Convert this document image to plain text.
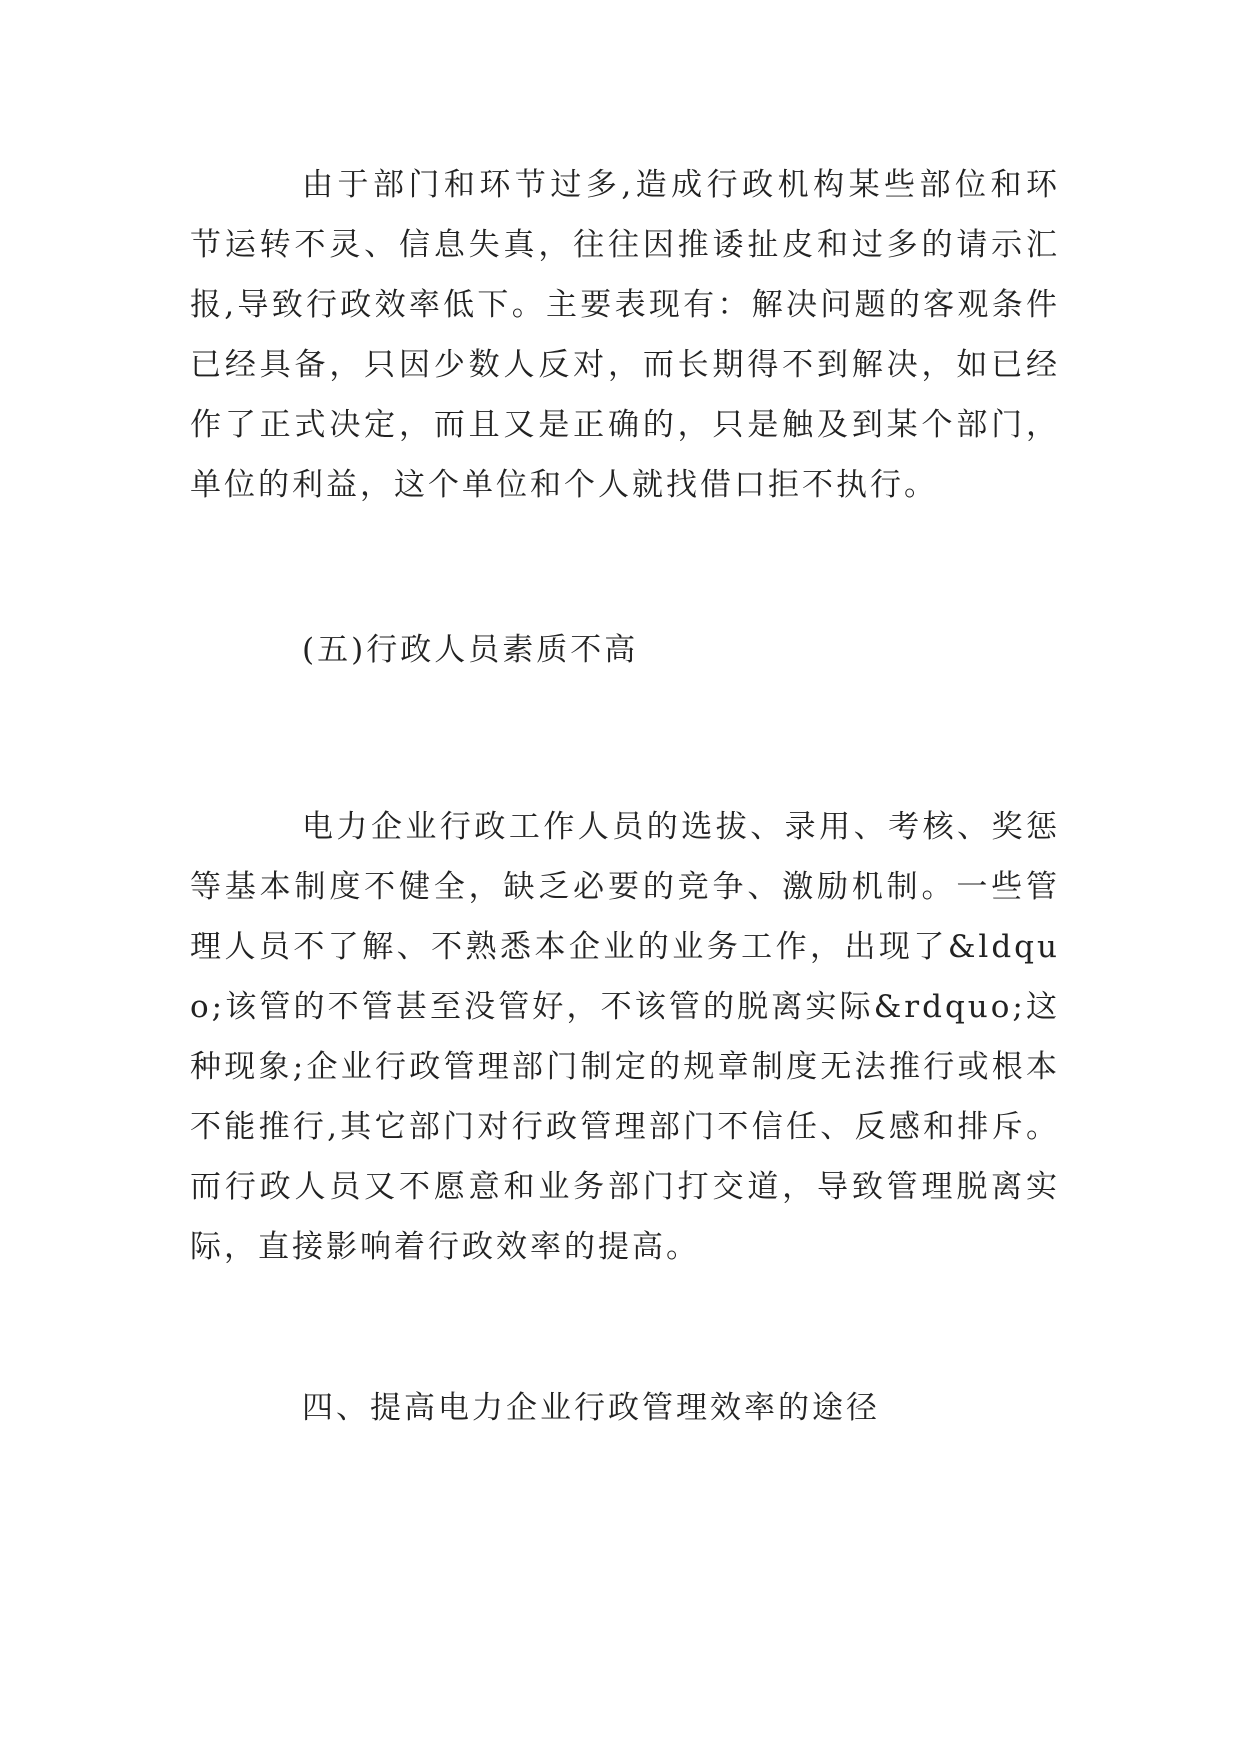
由于部门和环节过多,造成行政机构某些部位和环节运转不灵、信息失真，往往因推诿扯皮和过多的请示汇报,导致行政效率低下。主要表现有：解决问题的客观条件已经具备，只因少数人反对，而长期得不到解决，如已经作了正式决定，而且又是正确的，只是触及到某个部门，单位的利益，这个单位和个人就找借口拒不执行。

(五)行政人员素质不高

电力企业行政工作人员的选拔、录用、考核、奖惩等基本制度不健全，缺乏必要的竞争、激励机制。一些管理人员不了解、不熟悉本企业的业务工作，出现了&ldquo;该管的不管甚至没管好，不该管的脱离实际&rdquo;这种现象;企业行政管理部门制定的规章制度无法推行或根本不能推行,其它部门对行政管理部门不信任、反感和排斥。而行政人员又不愿意和业务部门打交道，导致管理脱离实际，直接影响着行政效率的提高。

四、提高电力企业行政管理效率的途径
